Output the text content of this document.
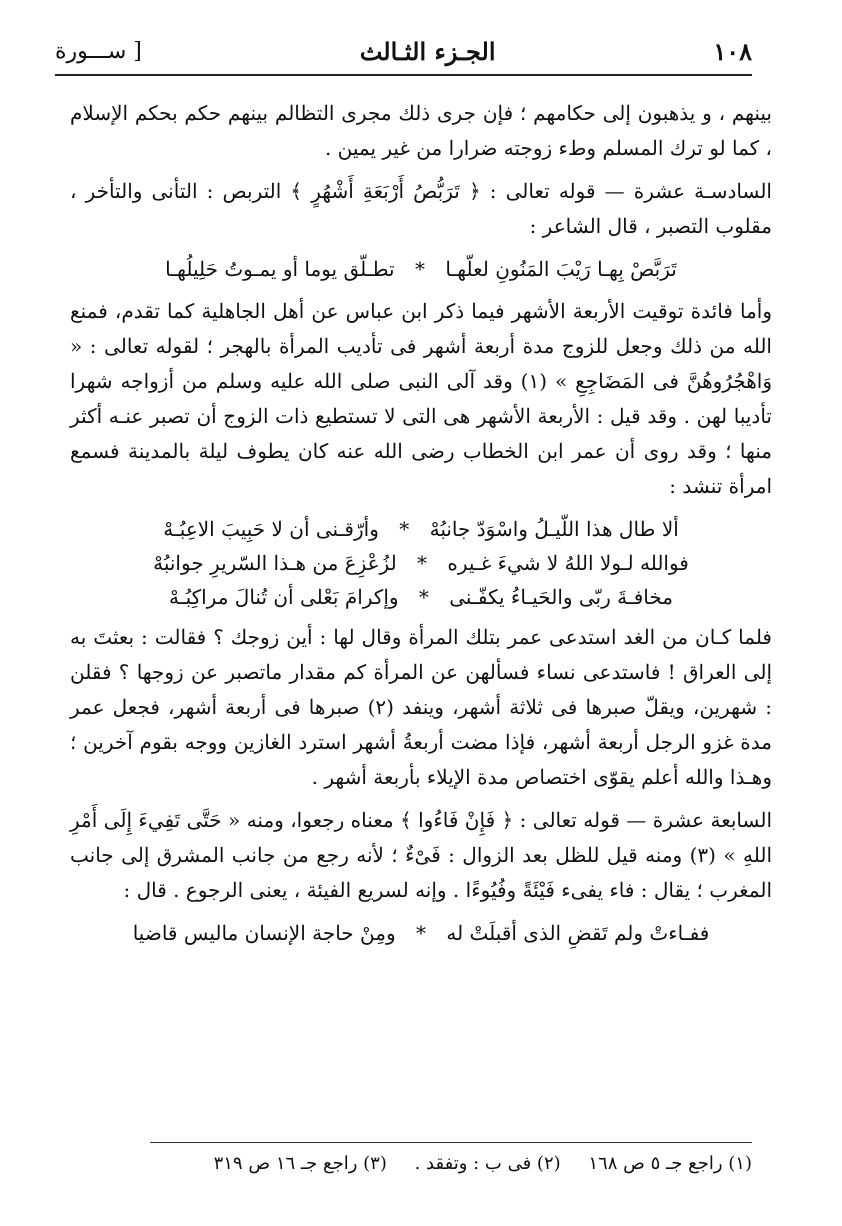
١٠٨
الجـزء الثـالث
[ ســـورة

بينهم ، و يذهبون إلى حكامهم ؛ فإن جرى ذلك مجرى التظالم بينهم حكم بحكم الإسلام ، كما لو ترك المسلم وطء زوجته ضرارا من غير يمين .

السادسـة عشرة — قوله تعالى : ﴿ تَرَبُّصُ أَرْبَعَةِ أَشْهُرٍ ﴾ التربص : التأنى والتأخر ، مقلوب التصبر ، قال الشاعر :

تَرَبَّصْ بِهـا رَيْبَ المَنُونِ لعلّهـا * تطـلّق يوما أو يمـوتُ حَلِيلُهـا

وأما فائدة توقيت الأربعة الأشهر فيما ذكر ابن عباس عن أهل الجاهلية كما تقدم، فمنع الله من ذلك وجعل للزوج مدة أربعة أشهر فى تأديب المرأة بالهجر ؛ لقوله تعالى : « وَاهْجُرُوهُنَّ فى المَضَاجِعِ » (١) وقد آلى النبى صلى الله عليه وسلم من أزواجه شهرا تأديبا لهن . وقد قيل : الأربعة الأشهر هى التى لا تستطيع ذات الزوج أن تصبر عنـه أكثر منها ؛ وقد روى أن عمر ابن الخطاب رضى الله عنه كان يطوف ليلة بالمدينة فسمع امرأة تنشد :

ألا طال هذا اللّيـلُ واسْوَدّ جانبُهْ * وأرّقـنى أن لا حَبِيبَ الاعِبُـهْ
فوالله لـولا اللهُ لا شيءَ غـيره * لزُعْزِعَ من هـذا السّريرِ جوانبُهْ
مخافـةَ ربّى والحَيـاءُ يكفّـنى * وإكرامَ بَعْلى أن تُنالَ مراكِبُـهْ

فلما كـان من الغد استدعى عمر بتلك المرأة وقال لها : أين زوجك ؟ فقالت : بعثتَ به إلى العراق ! فاستدعى نساء فسألهن عن المرأة كم مقدار ماتصبر عن زوجها ؟ فقلن : شهرين، ويقلّ صبرها فى ثلاثة أشهر، وينفد (٢) صبرها فى أربعة أشهر، فجعل عمر مدة غزو الرجل أربعة أشهر، فإذا مضت أربعةُ أشهر استرد الغازين ووجه بقوم آخرين ؛ وهـذا والله أعلم يقوّى اختصاص مدة الإيلاء بأربعة أشهر .

السابعة عشرة — قوله تعالى : ﴿ فَإِنْ فَاءُوا ﴾ معناه رجعوا، ومنه « حَتَّى تَفِيءَ إِلَى أَمْرِ اللهِ » (٣) ومنه قيل للظل بعد الزوال : فَىْءٌ ؛ لأنه رجع من جانب المشرق إلى جانب المغرب ؛ يقال : فاء يفىء فَيْئَةً وفُيُوءًا . وإنه لسريع الفيئة ، يعنى الرجوع . قال :

ففـاءتْ ولم تَقضِ الذى أقبلَتْ له * ومِنْ حاجة الإنسان ماليس قاضيا
(١) راجع جـ ٥ ص ١٦٨ (٢) فى ب : وتفقد . (٣) راجع جـ ١٦ ص ٣١٩
